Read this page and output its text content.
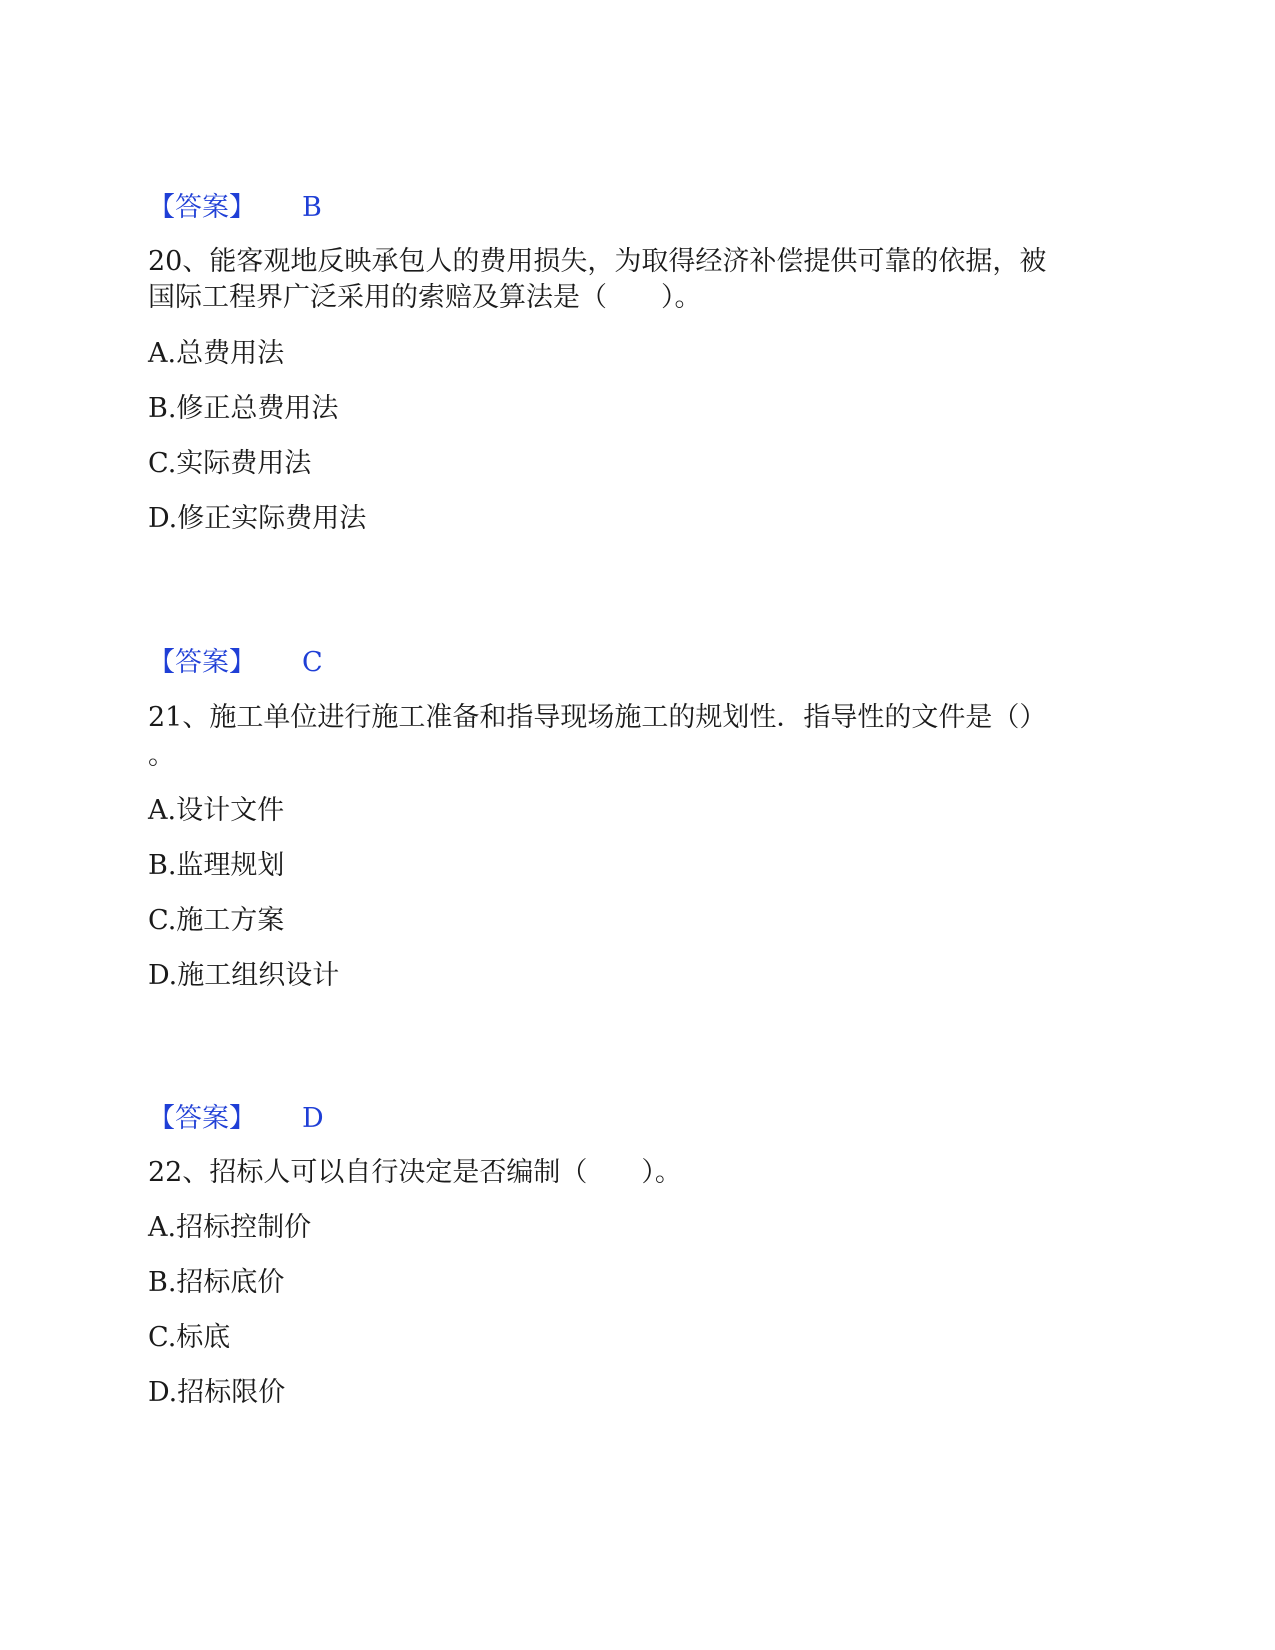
【答案】 B
20、能客观地反映承包人的费用损失，为取得经济补偿提供可靠的依据，被
国际工程界广泛采用的索赔及算法是（　　）。
A.总费用法
B.修正总费用法
C.实际费用法
D.修正实际费用法
【答案】 C
21、施工单位进行施工准备和指导现场施工的规划性．指导性的文件是（）
。
A.设计文件
B.监理规划
C.施工方案
D.施工组织设计
【答案】 D
22、招标人可以自行决定是否编制（　　）。
A.招标控制价
B.招标底价
C.标底
D.招标限价
